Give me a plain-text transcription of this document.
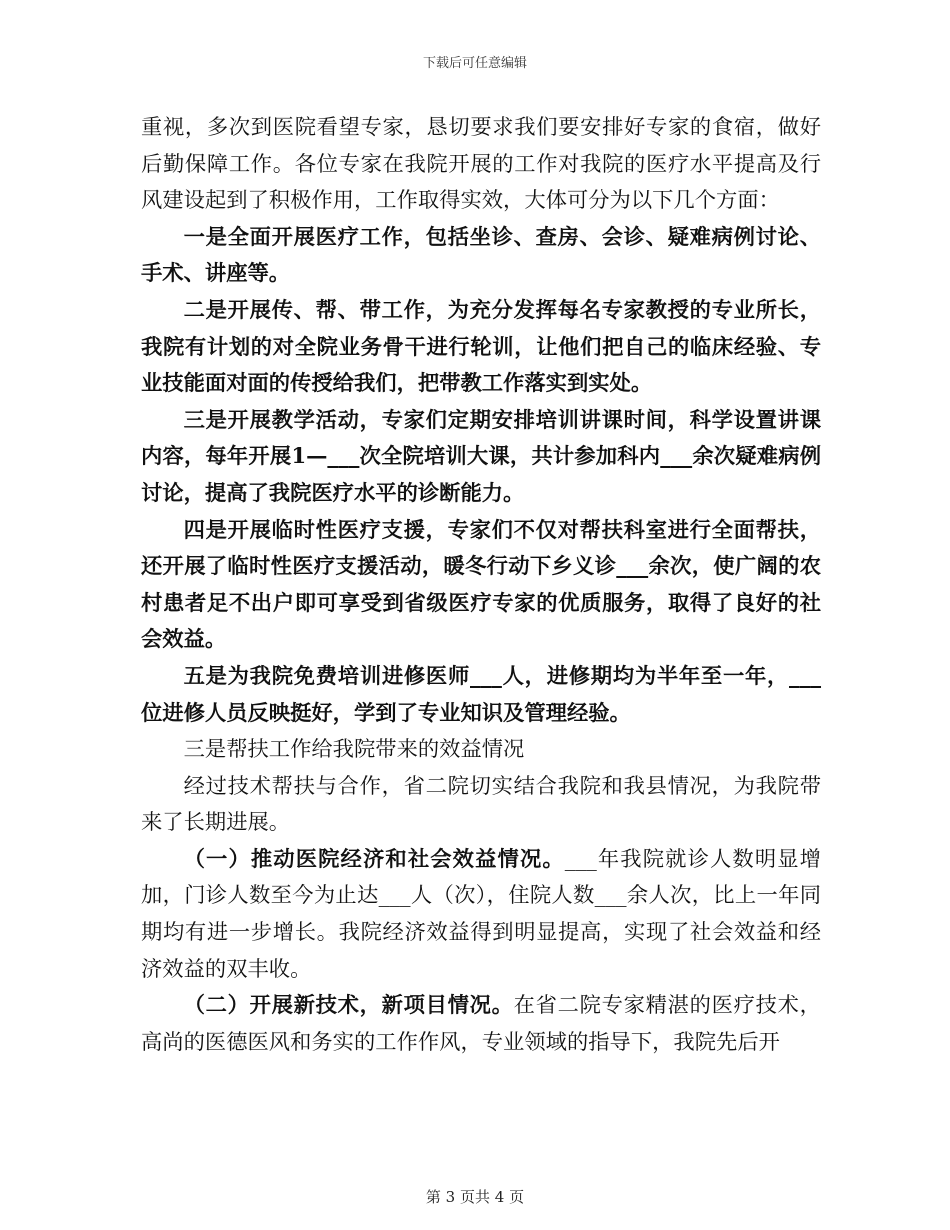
下载后可任意编辑

重视，多次到医院看望专家，恳切要求我们要安排好专家的食宿，做好后勤保障工作。各位专家在我院开展的工作对我院的医疗水平提高及行风建设起到了积极作用，工作取得实效，大体可分为以下几个方面：

一是全面开展医疗工作，包括坐诊、查房、会诊、疑难病例讨论、手术、讲座等。

二是开展传、帮、带工作，为充分发挥每名专家教授的专业所长，我院有计划的对全院业务骨干进行轮训，让他们把自己的临床经验、专业技能面对面的传授给我们，把带教工作落实到实处。

三是开展教学活动，专家们定期安排培训讲课时间，科学设置讲课内容，每年开展1—___次全院培训大课，共计参加科内___余次疑难病例讨论，提高了我院医疗水平的诊断能力。

四是开展临时性医疗支援，专家们不仅对帮扶科室进行全面帮扶，还开展了临时性医疗支援活动，暖冬行动下乡义诊___余次，使广阔的农村患者足不出户即可享受到省级医疗专家的优质服务，取得了良好的社会效益。

五是为我院免费培训进修医师___人，进修期均为半年至一年，___位进修人员反映挺好，学到了专业知识及管理经验。

三是帮扶工作给我院带来的效益情况

经过技术帮扶与合作，省二院切实结合我院和我县情况，为我院带来了长期进展。

（一）推动医院经济和社会效益情况。___年我院就诊人数明显增加，门诊人数至今为止达___人（次），住院人数___余人次，比上一年同期均有进一步增长。我院经济效益得到明显提高，实现了社会效益和经济效益的双丰收。

（二）开展新技术，新项目情况。在省二院专家精湛的医疗技术，高尚的医德医风和务实的工作作风，专业领域的指导下，我院先后开

第 3 页共 4 页
